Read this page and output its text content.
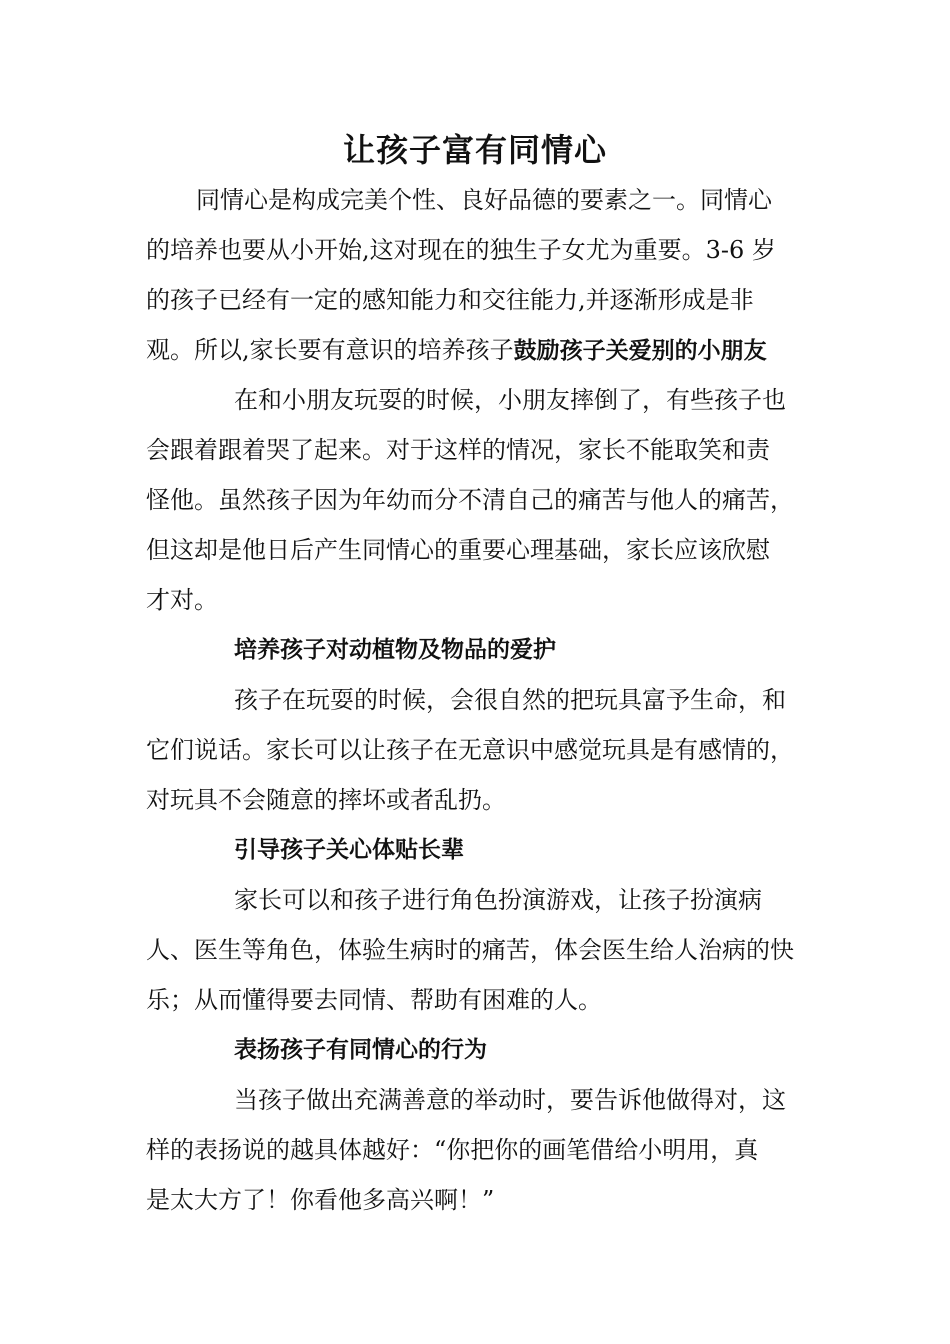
让孩子富有同情心

同情心是构成完美个性、良好品德的要素之一。同情心

的培养也要从小开始,这对现在的独生子女尤为重要。3-6 岁

的孩子已经有一定的感知能力和交往能力,并逐渐形成是非

观。所以,家长要有意识的培养孩子鼓励孩子关爱别的小朋友

在和小朋友玩耍的时候，小朋友摔倒了，有些孩子也

会跟着跟着哭了起来。对于这样的情况，家长不能取笑和责

怪他。虽然孩子因为年幼而分不清自己的痛苦与他人的痛苦，

但这却是他日后产生同情心的重要心理基础，家长应该欣慰

才对。

培养孩子对动植物及物品的爱护

孩子在玩耍的时候，会很自然的把玩具富予生命，和

它们说话。家长可以让孩子在无意识中感觉玩具是有感情的，

对玩具不会随意的摔坏或者乱扔。

引导孩子关心体贴长辈

家长可以和孩子进行角色扮演游戏，让孩子扮演病

人、医生等角色，体验生病时的痛苦，体会医生给人治病的快

乐；从而懂得要去同情、帮助有困难的人。

表扬孩子有同情心的行为

当孩子做出充满善意的举动时，要告诉他做得对，这

样的表扬说的越具体越好：“你把你的画笔借给小明用，真

是太大方了！你看他多高兴啊！”
